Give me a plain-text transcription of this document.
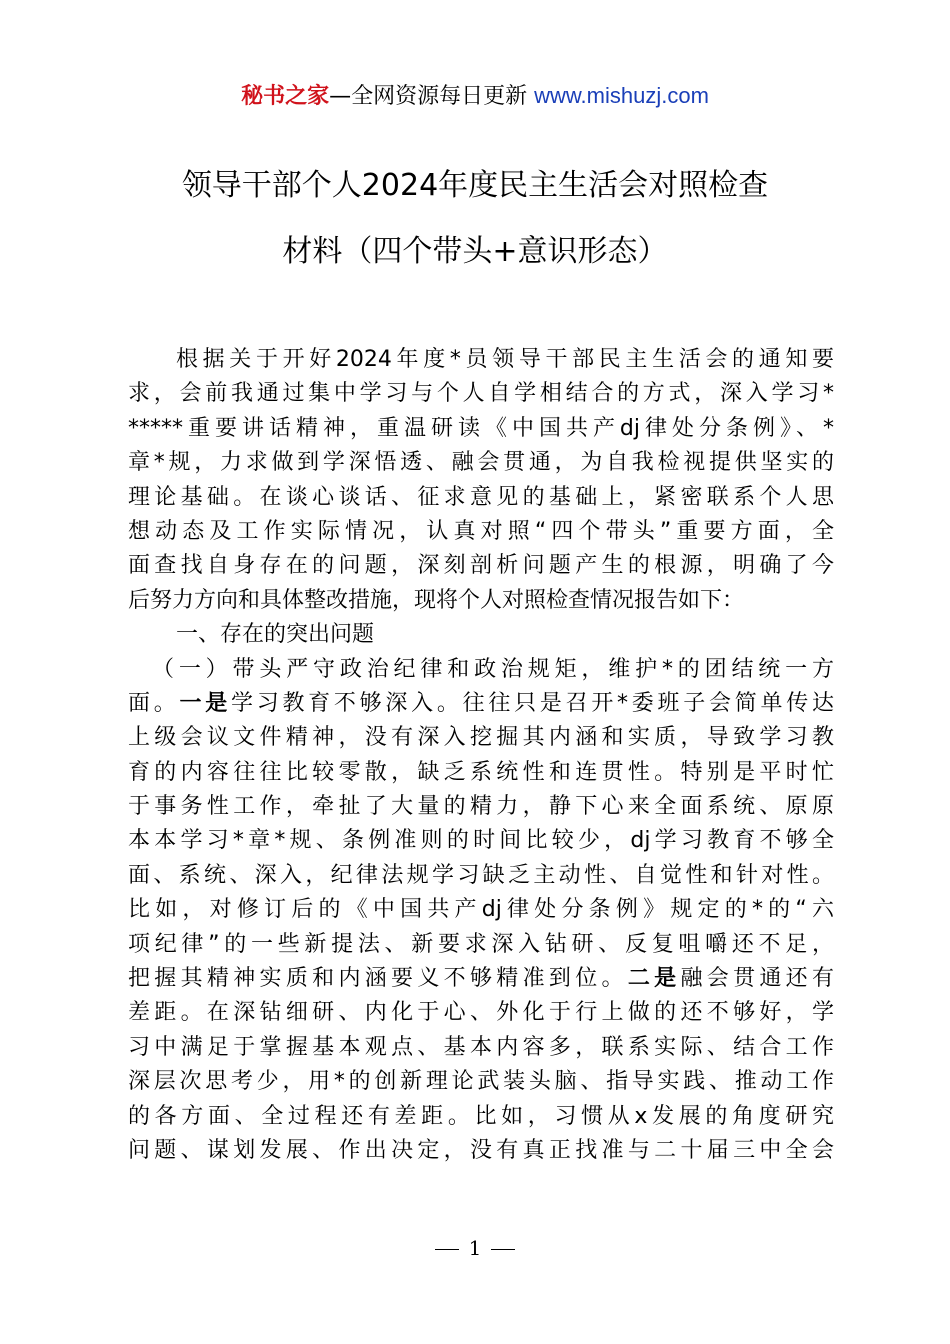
秘书之家—全网资源每日更新 www.mishuzj.com
领导干部个人2024年度民主生活会对照检查
材料（四个带头+意识形态）
根据关于开好2024年度*员领导干部民主生活会的通知要
求，会前我通过集中学习与个人自学相结合的方式，深入学习*
*****重要讲话精神，重温研读《中国共产dj律处分条例》、*
章*规，力求做到学深悟透、融会贯通，为自我检视提供坚实的
理论基础。在谈心谈话、征求意见的基础上，紧密联系个人思
想动态及工作实际情况，认真对照“四个带头”重要方面，全
面查找自身存在的问题，深刻剖析问题产生的根源，明确了今
后努力方向和具体整改措施，现将个人对照检查情况报告如下：
一、存在的突出问题
（一）带头严守政治纪律和政治规矩，维护*的团结统一方
面。一是学习教育不够深入。往往只是召开*委班子会简单传达
上级会议文件精神，没有深入挖掘其内涵和实质，导致学习教
育的内容往往比较零散，缺乏系统性和连贯性。特别是平时忙
于事务性工作，牵扯了大量的精力，静下心来全面系统、原原
本本学习*章*规、条例准则的时间比较少，dj学习教育不够全
面、系统、深入，纪律法规学习缺乏主动性、自觉性和针对性。
比如，对修订后的《中国共产dj律处分条例》规定的*的“六
项纪律”的一些新提法、新要求深入钻研、反复咀嚼还不足，
把握其精神实质和内涵要义不够精准到位。二是融会贯通还有
差距。在深钻细研、内化于心、外化于行上做的还不够好，学
习中满足于掌握基本观点、基本内容多，联系实际、结合工作
深层次思考少，用*的创新理论武装头脑、指导实践、推动工作
的各方面、全过程还有差距。比如，习惯从x发展的角度研究
问题、谋划发展、作出决定，没有真正找准与二十届三中全会
1
